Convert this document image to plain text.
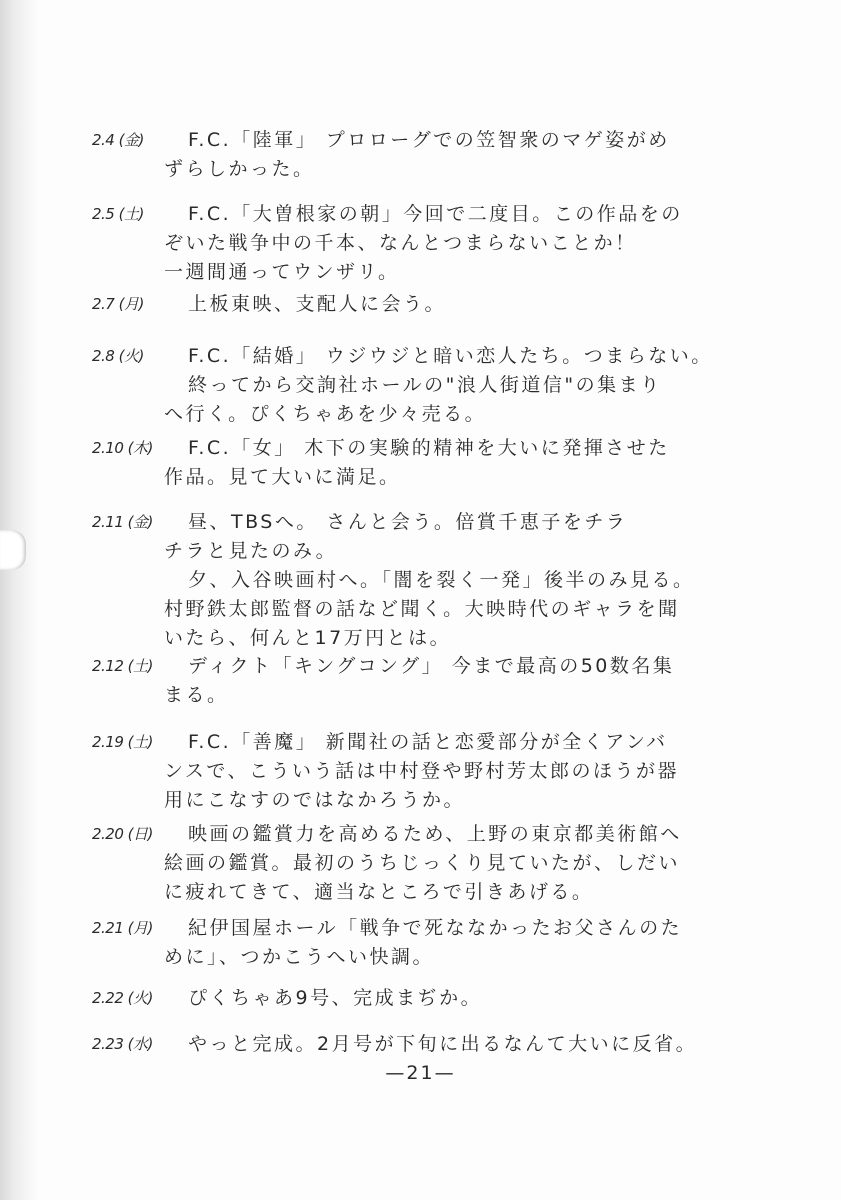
2.4 (金)	F.C.「陸軍」 プロローグでの笠智衆のマゲ姿がめ
ずらしかった。
2.5 (土)	F.C.「大曽根家の朝」今回で二度目。この作品をの
ぞいた戦争中の千本、なんとつまらないことか！
一週間通ってウンザリ。
2.7 (月)	上板東映、支配人に会う。
2.8 (火)	F.C.「結婚」 ウジウジと暗い恋人たち。つまらない。
終ってから交詢社ホールの"浪人街道信"の集まり
へ行く。ぴくちゃあを少々売る。
2.10 (木)	F.C.「女」 木下の実験的精神を大いに発揮させた
作品。見て大いに満足。
2.11 (金)	昼、TBSへ。 さんと会う。倍賞千恵子をチラ
チラと見たのみ。
夕、入谷映画村へ。「闇を裂く一発」後半のみ見る。
村野鉄太郎監督の話など聞く。大映時代のギャラを聞
いたら、何んと17万円とは。
2.12 (土)	ディクト「キングコング」 今まで最高の50数名集
まる。
2.19 (土)	F.C.「善魔」 新聞社の話と恋愛部分が全くアンバ
ンスで、こういう話は中村登や野村芳太郎のほうが器
用にこなすのではなかろうか。
2.20 (日)	映画の鑑賞力を高めるため、上野の東京都美術館へ
絵画の鑑賞。最初のうちじっくり見ていたが、しだい
に疲れてきて、適当なところで引きあげる。
2.21 (月)	紀伊国屋ホール「戦争で死ななかったお父さんのた
めに」、つかこうへい快調。
2.22 (火)	ぴくちゃあ9号、完成まぢか。
2.23 (水)	やっと完成。2月号が下旬に出るなんて大いに反省。
—21—
